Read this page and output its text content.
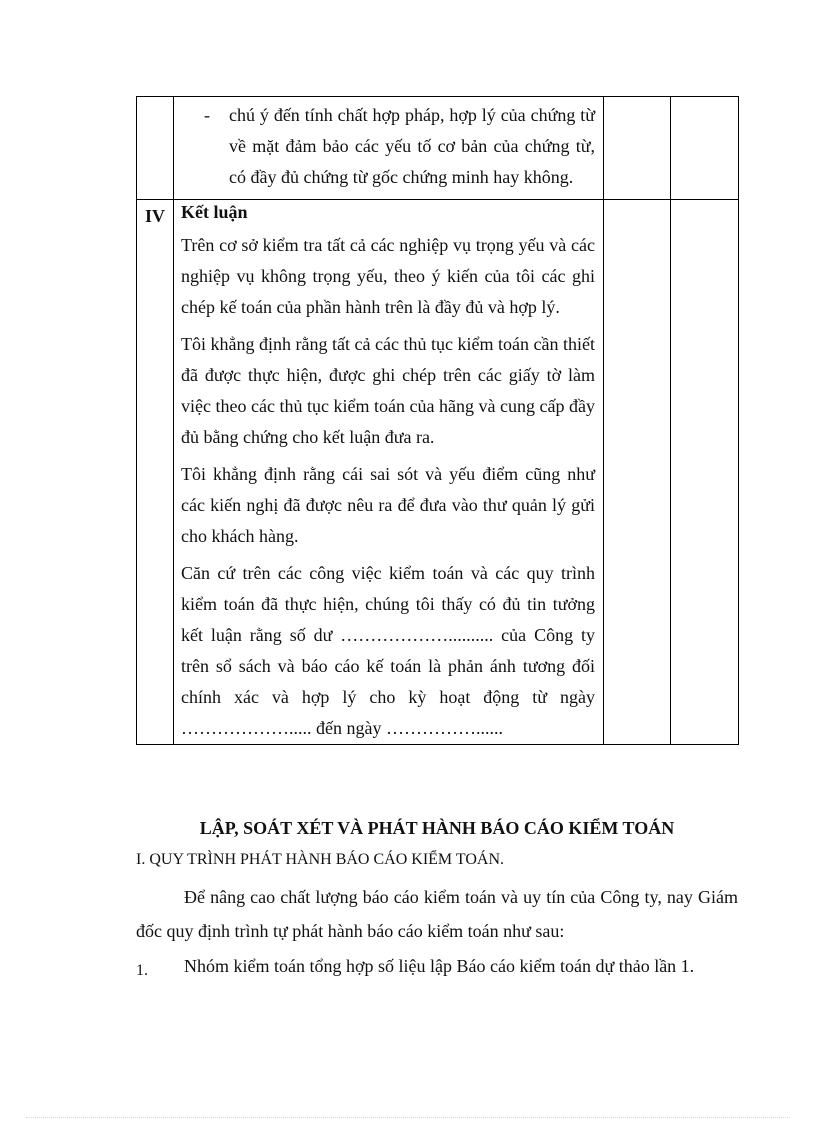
	- chú ý đến tính chất hợp pháp, hợp lý của chứng từ về mặt đảm bảo các yếu tố cơ bản của chứng từ, có đầy đủ chứng từ gốc chứng minh hay không.		

IV	Kết luận

Trên cơ sở kiểm tra tất cả các nghiệp vụ trọng yếu và các nghiệp vụ không trọng yếu, theo ý kiến của tôi các ghi chép kế toán của phần hành trên là đầy đủ và hợp lý.

Tôi khẳng định rằng tất cả các thủ tục kiểm toán cần thiết đã được thực hiện, được ghi chép trên các giấy tờ làm việc theo các thủ tục kiểm toán của hãng và cung cấp đầy đủ bằng chứng cho kết luận đưa ra.

Tôi khẳng định rằng cái sai sót và yếu điểm cũng như các kiến nghị đã được nêu ra để đưa vào thư quản lý gửi cho khách hàng.

Căn cứ trên các công việc kiểm toán và các quy trình kiểm toán đã thực hiện, chúng tôi thấy có đủ tin tưởng kết luận rằng số dư ……………….......... của Công ty trên sổ sách và báo cáo kế toán là phản ánh tương đối chính xác và hợp lý cho kỳ hoạt động từ ngày ………………..... đến ngày ……………......		

LẬP, SOÁT XÉT VÀ PHÁT HÀNH BÁO CÁO KIỂM TOÁN
I. QUY TRÌNH PHÁT HÀNH BÁO CÁO KIỂM TOÁN.
Để nâng cao chất lượng báo cáo kiểm toán và uy tín của Công ty, nay Giám đốc quy định trình tự phát hành báo cáo kiểm toán như sau:
1. Nhóm kiểm toán tổng hợp số liệu lập Báo cáo kiểm toán dự thảo lần 1.
